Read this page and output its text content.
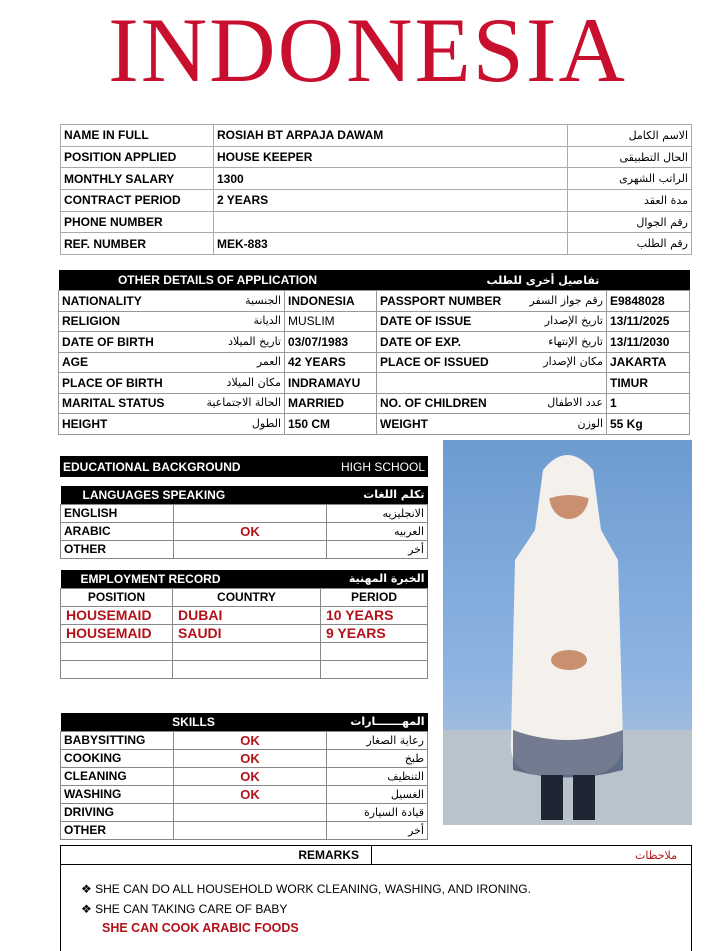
INDONESIA
NAME IN FULL	ROSIAH BT ARPAJA DAWAM	الاسم الكامل
POSITION APPLIED	HOUSE KEEPER	الحال التطبيقى
MONTHLY SALARY	1300	الراتب الشهرى
CONTRACT PERIOD	2 YEARS	مدة العقد
PHONE NUMBER		رقم الجوال
REF. NUMBER	MEK-883	رقم الطلب
OTHER DETAILS OF APPLICATION		تفاصيل أخرى للطلب	

NATIONALITY الجنسية	INDONESIA	PASSPORT NUMBER رقم جواز السفر	E9848028

RELIGION الديانة	MUSLIM	DATE OF ISSUE تاريخ الإصدار	13/11/2025

DATE OF BIRTH تاريخ الميلاد	03/07/1983	DATE OF EXP. تاريخ الإنتهاء	13/11/2030

AGE العمر	42 YEARS	PLACE OF ISSUED مكان الإصدار	JAKARTA

PLACE OF BIRTH مكان الميلاد	INDRAMAYU		TIMUR

MARITAL STATUS الحالة الاجتماعية	MARRIED	NO. OF CHILDREN عدد الاطفال	1

HEIGHT الطول	150 CM	WEIGHT الوزن	55 Kg
EDUCATIONAL BACKGROUND	HIGH SCHOOL
LANGUAGES SPEAKING		تكلم اللغات
ENGLISH		الانجليزيه
ARABIC	OK	العربيه
OTHER		أخر
EMPLOYMENT RECORD		الخبرة المهنية
POSITION	COUNTRY	PERIOD
HOUSEMAID	DUBAI	10 YEARS
HOUSEMAID	SAUDI	9 YEARS

SKILLS		المهـــــــارات
BABYSITTING	OK	رعاية الصغار
COOKING	OK	طبخ
CLEANING	OK	التنظيف
WASHING	OK	الغسيل
DRIVING		قيادة السيارة
OTHER		أخر
REMARKS	ملاحظات
❖ SHE CAN DO ALL HOUSEHOLD WORK CLEANING, WASHING, AND IRONING.
❖ SHE CAN TAKING CARE OF BABY
SHE CAN COOK ARABIC FOODS
